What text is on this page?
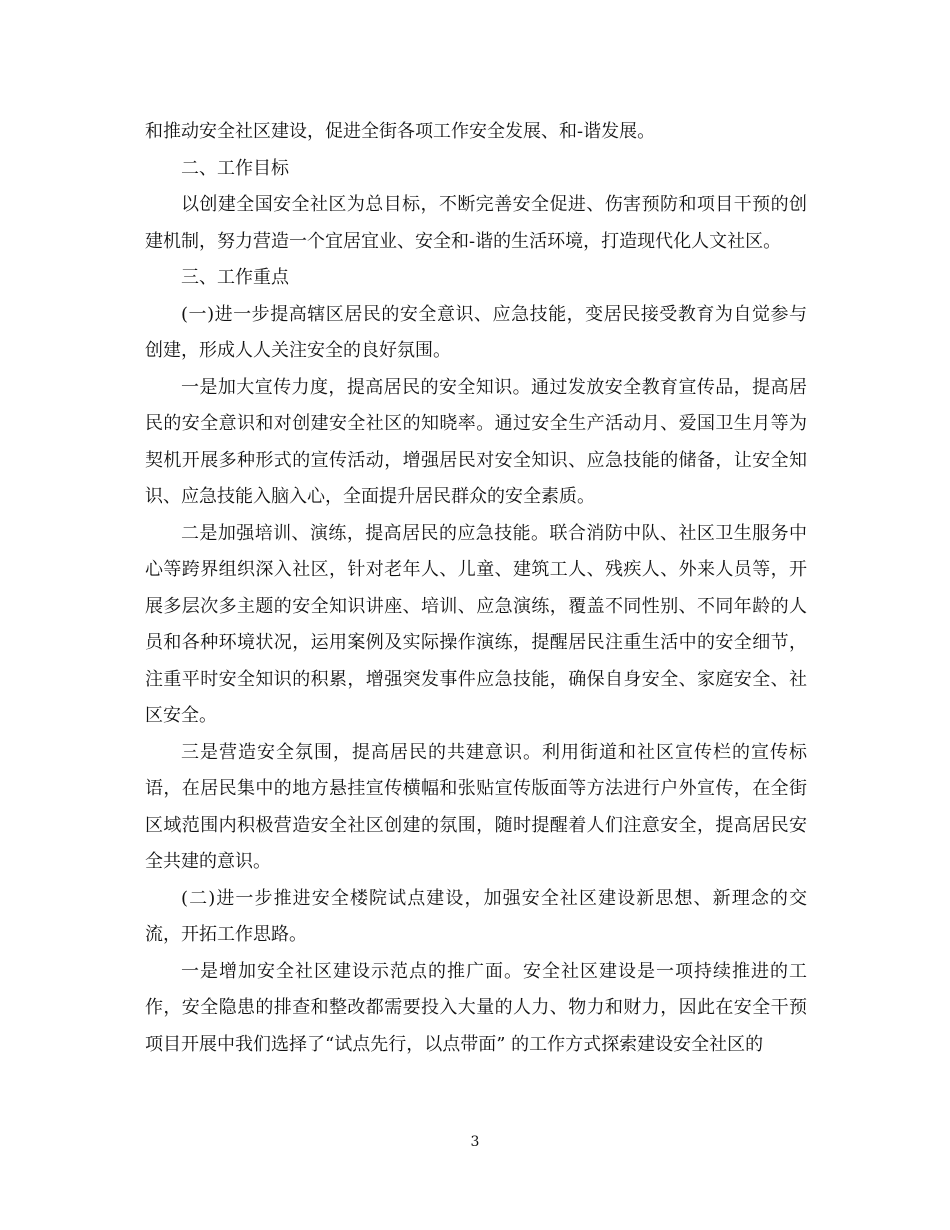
和推动安全社区建设，促进全街各项工作安全发展、和-谐发展。

二、工作目标

以创建全国安全社区为总目标，不断完善安全促进、伤害预防和项目干预的创建机制，努力营造一个宜居宜业、安全和-谐的生活环境，打造现代化人文社区。

三、工作重点

(一)进一步提高辖区居民的安全意识、应急技能，变居民接受教育为自觉参与创建，形成人人关注安全的良好氛围。

一是加大宣传力度，提高居民的安全知识。通过发放安全教育宣传品，提高居民的安全意识和对创建安全社区的知晓率。通过安全生产活动月、爱国卫生月等为契机开展多种形式的宣传活动，增强居民对安全知识、应急技能的储备，让安全知识、应急技能入脑入心，全面提升居民群众的安全素质。

二是加强培训、演练，提高居民的应急技能。联合消防中队、社区卫生服务中心等跨界组织深入社区，针对老年人、儿童、建筑工人、残疾人、外来人员等，开展多层次多主题的安全知识讲座、培训、应急演练，覆盖不同性别、不同年龄的人员和各种环境状况，运用案例及实际操作演练，提醒居民注重生活中的安全细节，注重平时安全知识的积累，增强突发事件应急技能，确保自身安全、家庭安全、社区安全。

三是营造安全氛围，提高居民的共建意识。利用街道和社区宣传栏的宣传标语，在居民集中的地方悬挂宣传横幅和张贴宣传版面等方法进行户外宣传，在全街区域范围内积极营造安全社区创建的氛围，随时提醒着人们注意安全，提高居民安全共建的意识。

(二)进一步推进安全楼院试点建设，加强安全社区建设新思想、新理念的交流，开拓工作思路。

一是增加安全社区建设示范点的推广面。安全社区建设是一项持续推进的工作，安全隐患的排查和整改都需要投入大量的人力、物力和财力，因此在安全干预项目开展中我们选择了“试点先行，以点带面” 的工作方式探索建设安全社区的

3
